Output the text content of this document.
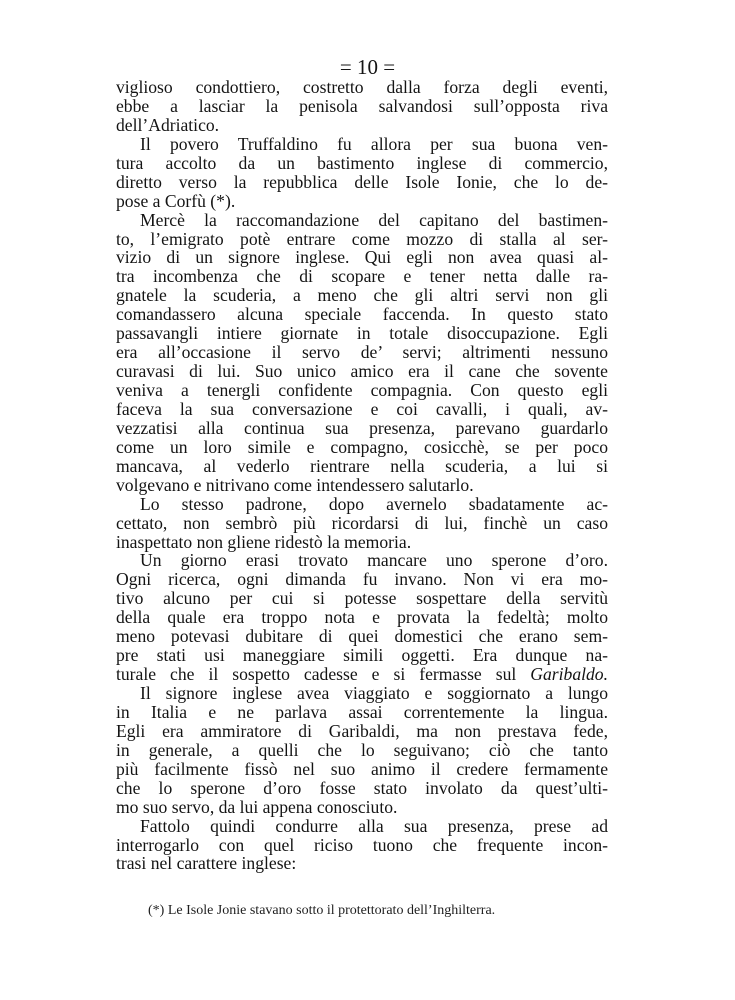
= 10 =
viglioso condottiero, costretto dalla forza degli eventi,
ebbe a lasciar la penisola salvandosi sull’opposta riva
dell’Adriatico.
Il povero Truffaldino fu allora per sua buona ven-
tura accolto da un bastimento inglese di commercio,
diretto verso la repubblica delle Isole Ionie, che lo de-
pose a Corfù (*).
Mercè la raccomandazione del capitano del bastimen-
to, l’emigrato potè entrare come mozzo di stalla al ser-
vizio di un signore inglese. Qui egli non avea quasi al-
tra incombenza che di scopare e tener netta dalle ra-
gnatele la scuderia, a meno che gli altri servi non gli
comandassero alcuna speciale faccenda. In questo stato
passavangli intiere giornate in totale disoccupazione. Egli
era all’occasione il servo de’ servi; altrimenti nessuno
curavasi di lui. Suo unico amico era il cane che sovente
veniva a tenergli confidente compagnia. Con questo egli
faceva la sua conversazione e coi cavalli, i quali, av-
vezzatisi alla continua sua presenza, parevano guardarlo
come un loro simile e compagno, cosicchè, se per poco
mancava, al vederlo rientrare nella scuderia, a lui si
volgevano e nitrivano come intendessero salutarlo.
Lo stesso padrone, dopo avernelo sbadatamente ac-
cettato, non sembrò più ricordarsi di lui, finchè un caso
inaspettato non gliene ridestò la memoria.
Un giorno erasi trovato mancare uno sperone d’oro.
Ogni ricerca, ogni dimanda fu invano. Non vi era mo-
tivo alcuno per cui si potesse sospettare della servitù
della quale era troppo nota e provata la fedeltà; molto
meno potevasi dubitare di quei domestici che erano sem-
pre stati usi maneggiare simili oggetti. Era dunque na-
turale che il sospetto cadesse e si fermasse sul Garibaldo.
Il signore inglese avea viaggiato e soggiornato a lungo
in Italia e ne parlava assai correntemente la lingua.
Egli era ammiratore di Garibaldi, ma non prestava fede,
in generale, a quelli che lo seguivano; ciò che tanto
più facilmente fissò nel suo animo il credere fermamente
che lo sperone d’oro fosse stato involato da quest’ulti-
mo suo servo, da lui appena conosciuto.
Fattolo quindi condurre alla sua presenza, prese ad
interrogarlo con quel riciso tuono che frequente incon-
trasi nel carattere inglese:
(*) Le Isole Jonie stavano sotto il protettorato dell’Inghilterra.
